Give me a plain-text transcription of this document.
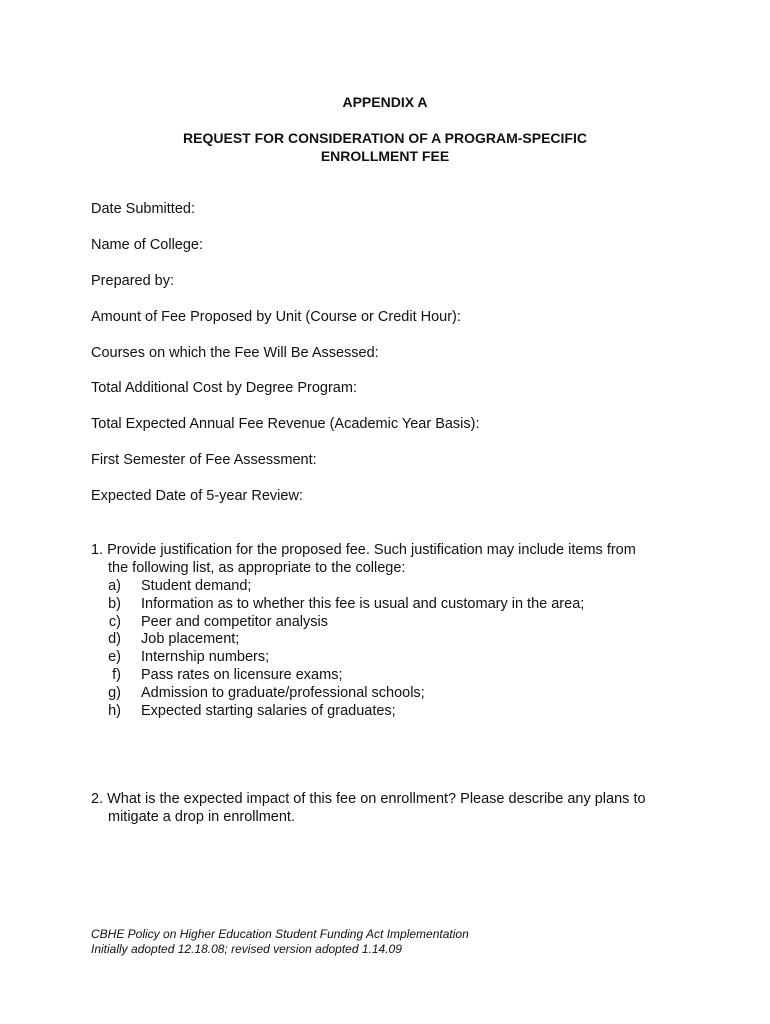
APPENDIX A
REQUEST FOR CONSIDERATION OF A PROGRAM-SPECIFIC
ENROLLMENT FEE
Date Submitted:
Name of College:
Prepared by:
Amount of Fee Proposed by Unit (Course or Credit Hour):
Courses on which the Fee Will Be Assessed:
Total Additional Cost by Degree Program:
Total Expected Annual Fee Revenue (Academic Year Basis):
First Semester of Fee Assessment:
Expected Date of 5-year Review:
1. Provide justification for the proposed fee. Such justification may include items from
the following list, as appropriate to the college:
a) Student demand;
b) Information as to whether this fee is usual and customary in the area;
c) Peer and competitor analysis
d) Job placement;
e) Internship numbers;
f) Pass rates on licensure exams;
g) Admission to graduate/professional schools;
h) Expected starting salaries of graduates;
2. What is the expected impact of this fee on enrollment? Please describe any plans to
mitigate a drop in enrollment.
CBHE Policy on Higher Education Student Funding Act Implementation
Initially adopted 12.18.08; revised version adopted 1.14.09
